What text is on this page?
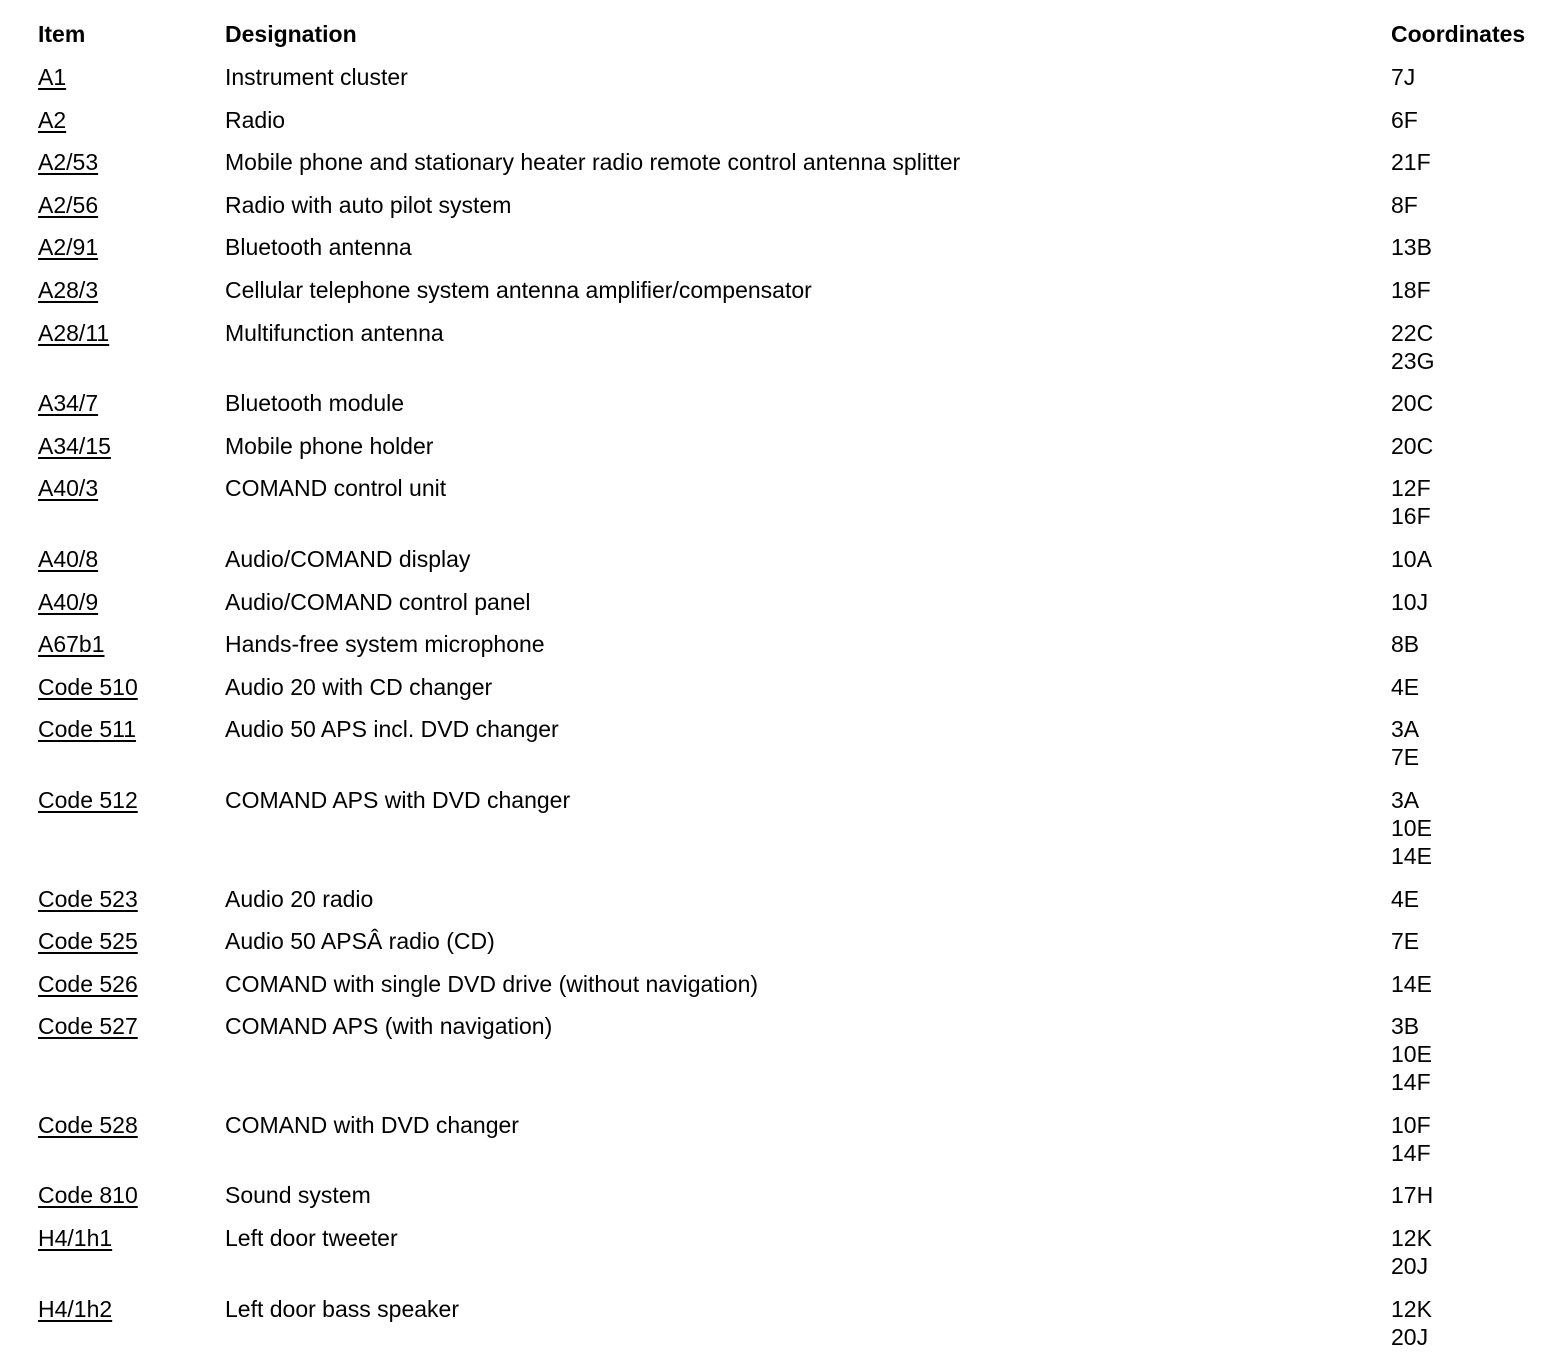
Item	Designation	Coordinates
A1	Instrument cluster	7J

A2	Radio	6F

A2/53	Mobile phone and stationary heater radio remote control antenna splitter	21F

A2/56	Radio with auto pilot system	8F

A2/91	Bluetooth antenna	13B

A28/3	Cellular telephone system antenna amplifier/compensator	18F

A28/11	Multifunction antenna	22C
23G

A34/7	Bluetooth module	20C

A34/15	Mobile phone holder	20C

A40/3	COMAND control unit	12F
16F

A40/8	Audio/COMAND display	10A

A40/9	Audio/COMAND control panel	10J

A67b1	Hands-free system microphone	8B

Code 510	Audio 20 with CD changer	4E

Code 511	Audio 50 APS incl. DVD changer	3A
7E

Code 512	COMAND APS with DVD changer	3A
10E
14E

Code 523	Audio 20 radio	4E

Code 525	Audio 50 APSÂ radio (CD)	7E

Code 526	COMAND with single DVD drive (without navigation)	14E

Code 527	COMAND APS (with navigation)	3B
10E
14F

Code 528	COMAND with DVD changer	10F
14F

Code 810	Sound system	17H

H4/1h1	Left door tweeter	12K
20J

H4/1h2	Left door bass speaker	12K
20J
